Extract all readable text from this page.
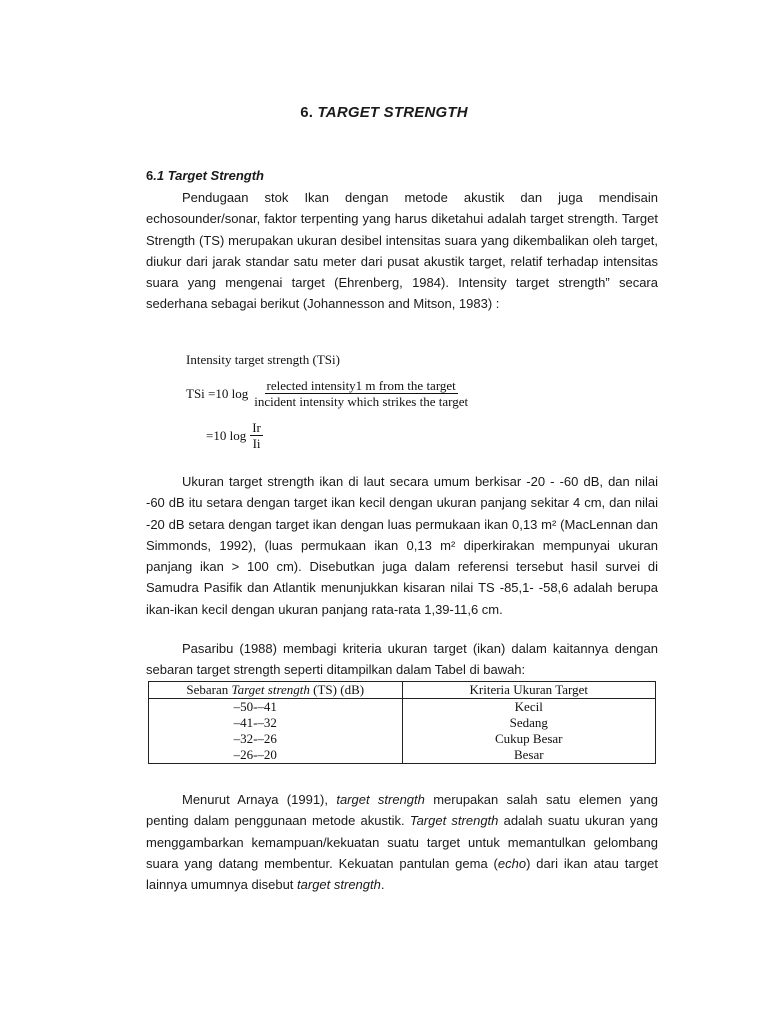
6. TARGET STRENGTH
6.1 Target Strength
Pendugaan stok Ikan dengan metode akustik dan juga mendisain echosounder/sonar, faktor terpenting yang harus diketahui adalah target strength. Target Strength (TS) merupakan ukuran desibel intensitas suara yang dikembalikan oleh target, diukur dari jarak standar satu meter dari pusat akustik target, relatif terhadap intensitas suara yang mengenai target (Ehrenberg, 1984). Intensity target strength” secara sederhana sebagai berikut (Johannesson and Mitson, 1983) :
Intensity target strength (TSi)
TSi =10 $\log \frac{\text{relected intensity1 m from the target}}{\text{incident intensity which strikes the target}}$
=10 $\log \frac{Ir}{Ii}$
Ukuran target strength ikan di laut secara umum berkisar -20 - -60 dB, dan nilai -60 dB itu setara dengan target ikan kecil dengan ukuran panjang sekitar 4 cm, dan nilai -20 dB setara dengan target ikan dengan luas permukaan ikan 0,13 m² (MacLennan dan Simmonds, 1992), (luas permukaan ikan 0,13 m² diperkirakan mempunyai ukuran panjang ikan > 100 cm). Disebutkan juga dalam referensi tersebut hasil survei di Samudra Pasifik dan Atlantik menunjukkan kisaran nilai TS -85,1- -58,6 adalah berupa ikan-ikan kecil dengan ukuran panjang rata-rata 1,39-11,6 cm.
Pasaribu (1988) membagi kriteria ukuran target (ikan) dalam kaitannya dengan sebaran target strength seperti ditampilkan dalam Tabel di bawah:
Sebaran Target strength (TS) (dB)	Kriteria Ukuran Target
–50-–41	Kecil
–41-–32	Sedang
–32-–26	Cukup Besar
–26-–20	Besar
Menurut Arnaya (1991), target strength merupakan salah satu elemen yang penting dalam penggunaan metode akustik. Target strength adalah suatu ukuran yang menggambarkan kemampuan/kekuatan suatu target untuk memantulkan gelombang suara yang datang membentur. Kekuatan pantulan gema (echo) dari ikan atau target lainnya umumnya disebut target strength.
